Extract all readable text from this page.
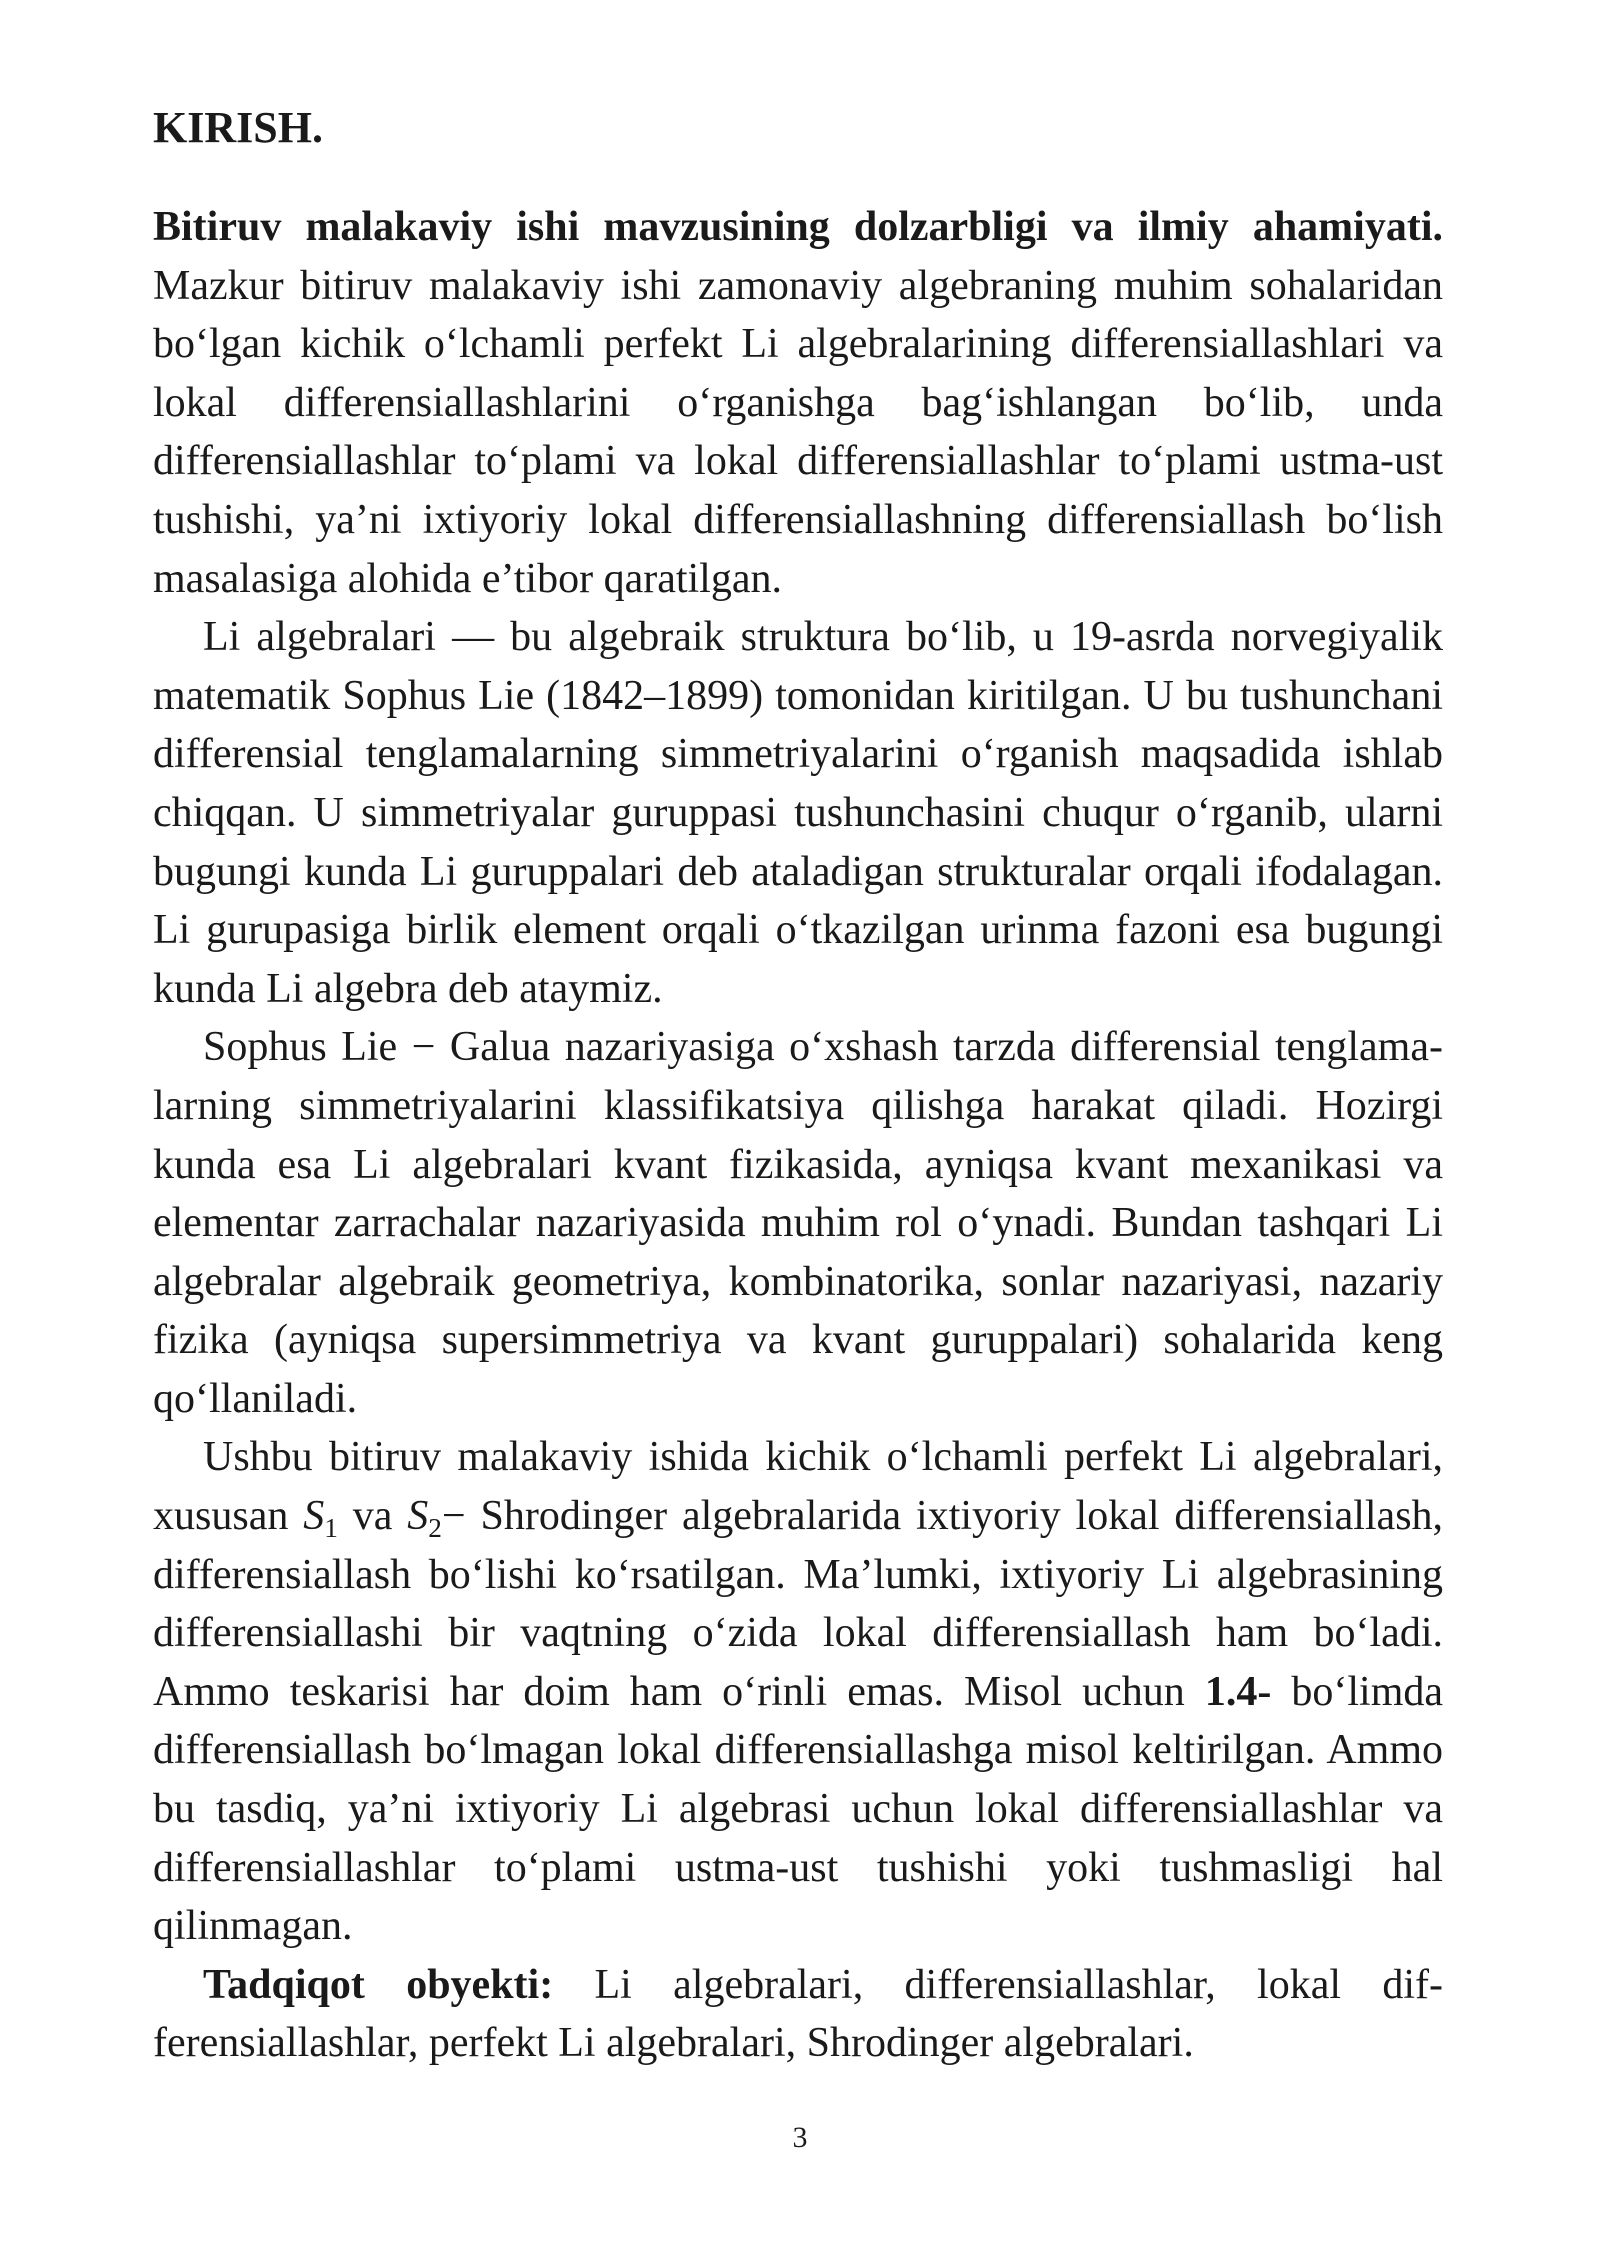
KIRISH.

Bitiruv malakaviy ishi mavzusining dolzarbligi va ilmiy ahamiyati. Mazkur bitiruv malakaviy ishi zamonaviy algebraning muhim sohalaridan bo‘lgan kichik o‘lchamli perfekt Li algebralarining differensiallashlari va lokal differensiallashlarini o‘rganishga bag‘ishlangan bo‘lib, unda differensiallashlar to‘plami va lokal differensiallashlar to‘plami ustma-ust tushishi, ya’ni ixtiyoriy lokal differensiallashning differensiallash bo‘lish masalasiga alohida e’tibor qaratilgan.

Li algebralari — bu algebraik struktura bo‘lib, u 19-asrda norvegiyalik matematik Sophus Lie (1842–1899) tomonidan kiritilgan. U bu tushunchani differensial tenglamalarning simmetriyalarini o‘rganish maqsadida ishlab chiqqan. U simmetriyalar guruppasi tushunchasini chuqur o‘rganib, ularni bugungi kunda Li guruppalari deb ataladigan strukturalar orqali ifodalagan. Li gurupasiga birlik element orqali o‘tkazilgan urinma fazoni esa bugungi kunda Li algebra deb ataymiz.

Sophus Lie − Galua nazariyasiga o‘xshash tarzda differensial tenglamalarning simmetriyalarini klassifikatsiya qilishga harakat qiladi. Hozirgi kunda esa Li algebralari kvant fizikasida, ayniqsa kvant mexanikasi va elementar zarrachalar nazariyasida muhim rol o‘ynadi. Bundan tashqari Li algebralar algebraik geometriya, kombinatorika, sonlar nazariyasi, nazariy fizika (ayniqsa supersimmetriya va kvant guruppalari) sohalarida keng qo‘llaniladi.

Ushbu bitiruv malakaviy ishida kichik o‘lchamli perfekt Li algebralari, xususan $S_1$ va $S_2-$ Shrodinger algebralarida ixtiyoriy lokal differensiallash, differensiallash bo‘lishi ko‘rsatilgan. Ma’lumki, ixtiyoriy Li algebrasining differensiallashi bir vaqtning o‘zida lokal differensiallash ham bo‘ladi. Ammo teskarisi har doim ham o‘rinli emas. Misol uchun 1.4- bo‘limda differensiallash bo‘lmagan lokal differensiallashga misol keltirilgan. Ammo bu tasdiq, ya’ni ixtiyoriy Li algebrasi uchun lokal differensiallashlar va differensiallashlar to‘plami ustma-ust tushishi yoki tushmasligi hal qilinmagan.

Tadqiqot obyekti: Li algebralari, differensiallashlar, lokal differensiallashlar, perfekt Li algebralari, Shrodinger algebralari.

3
